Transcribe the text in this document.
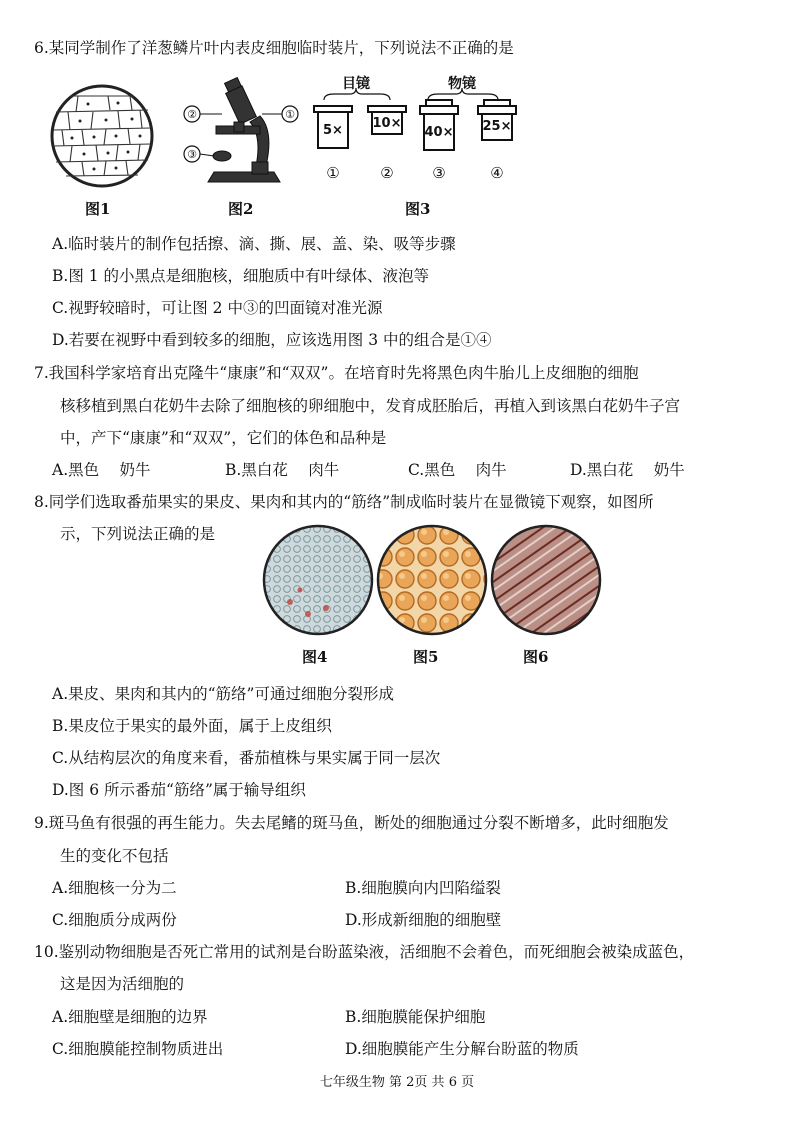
6.某同学制作了洋葱鳞片叶内表皮细胞临时装片，下列说法不正确的是
图1
②	①
③
图2
目镜	物镜
5× 10×
40× 25×
①	②	③	④
图3
A.临时装片的制作包括擦、滴、撕、展、盖、染、吸等步骤
B.图 1 的小黑点是细胞核，细胞质中有叶绿体、液泡等
C.视野较暗时，可让图 2 中③的凹面镜对准光源
D.若要在视野中看到较多的细胞，应该选用图 3 中的组合是①④
7.我国科学家培育出克隆牛“康康”和“双双”。在培育时先将黑色肉牛胎儿上皮细胞的细胞
核移植到黑白花奶牛去除了细胞核的卵细胞中，发育成胚胎后，再植入到该黑白花奶牛子宫
中，产下“康康”和“双双”，它们的体色和品种是
A.黑色　 奶牛	B.黑白花　 肉牛	C.黑色　 肉牛	D.黑白花　 奶牛
8.同学们选取番茄果实的果皮、果肉和其内的“筋络”制成临时装片在显微镜下观察，如图所
示，下列说法正确的是
图4	图5	图6
A.果皮、果肉和其内的“筋络”可通过细胞分裂形成
B.果皮位于果实的最外面，属于上皮组织
C.从结构层次的角度来看，番茄植株与果实属于同一层次
D.图 6 所示番茄“筋络”属于输导组织
9.斑马鱼有很强的再生能力。失去尾鳍的斑马鱼，断处的细胞通过分裂不断增多，此时细胞发
生的变化不包括
A.细胞核一分为二	B.细胞膜向内凹陷缢裂
C.细胞质分成两份	D.形成新细胞的细胞壁
10.鉴别动物细胞是否死亡常用的试剂是台盼蓝染液，活细胞不会着色，而死细胞会被染成蓝色，
这是因为活细胞的
A.细胞壁是细胞的边界	B.细胞膜能保护细胞
C.细胞膜能控制物质进出	D.细胞膜能产生分解台盼蓝的物质
七年级生物 第 2页 共 6 页
